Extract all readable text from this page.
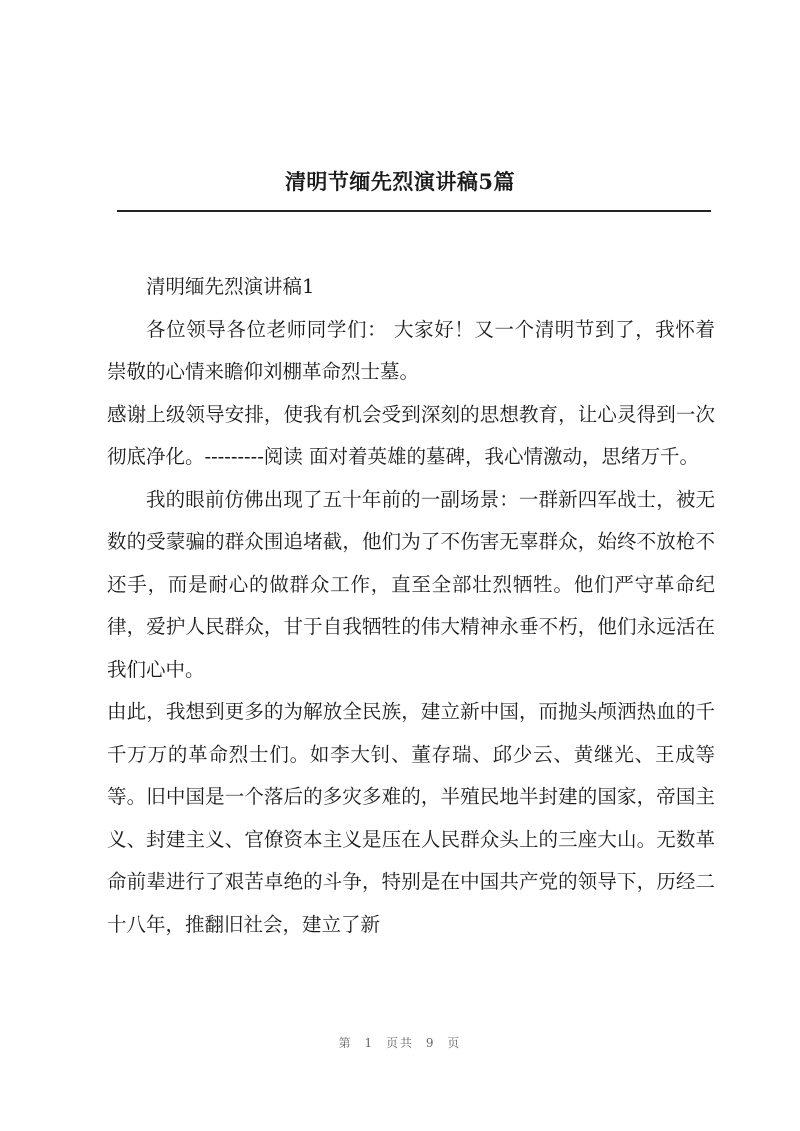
清明节缅先烈演讲稿5篇

清明缅先烈演讲稿1

各位领导各位老师同学们： 大家好！又一个清明节到了，我怀着崇敬的心情来瞻仰刘棚革命烈士墓。

感谢上级领导安排，使我有机会受到深刻的思想教育，让心灵得到一次彻底净化。---------阅读 面对着英雄的墓碑，我心情激动，思绪万千。

我的眼前仿佛出现了五十年前的一副场景：一群新四军战士，被无数的受蒙骗的群众围追堵截，他们为了不伤害无辜群众，始终不放枪不还手，而是耐心的做群众工作，直至全部壮烈牺牲。他们严守革命纪律，爱护人民群众，甘于自我牺牲的伟大精神永垂不朽，他们永远活在我们心中。

由此，我想到更多的为解放全民族，建立新中国，而抛头颅洒热血的千千万万的革命烈士们。如李大钊、董存瑞、邱少云、黄继光、王成等等。旧中国是一个落后的多灾多难的，半殖民地半封建的国家，帝国主义、封建主义、官僚资本主义是压在人民群众头上的三座大山。无数革命前辈进行了艰苦卓绝的斗争，特别是在中国共产党的领导下，历经二十八年，推翻旧社会，建立了新

第 1 页共 9 页
